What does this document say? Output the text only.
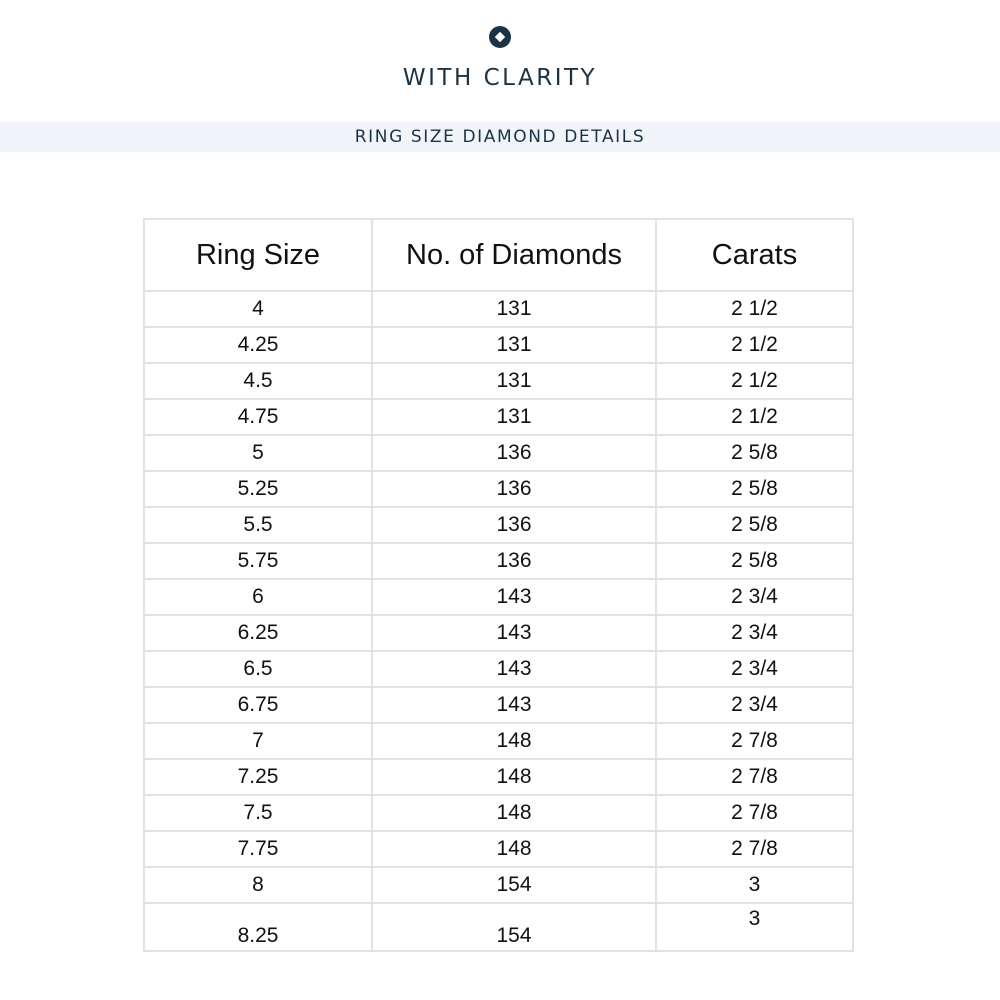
WITH CLARITY
RING SIZE DIAMOND DETAILS
Ring Size	No. of Diamonds	Carats
4	131	2 1/2
4.25	131	2 1/2
4.5	131	2 1/2
4.75	131	2 1/2
5	136	2 5/8
5.25	136	2 5/8
5.5	136	2 5/8
5.75	136	2 5/8
6	143	2 3/4
6.25	143	2 3/4
6.5	143	2 3/4
6.75	143	2 3/4
7	148	2 7/8
7.25	148	2 7/8
7.5	148	2 7/8
7.75	148	2 7/8
8	154	3
8.25	154	3
